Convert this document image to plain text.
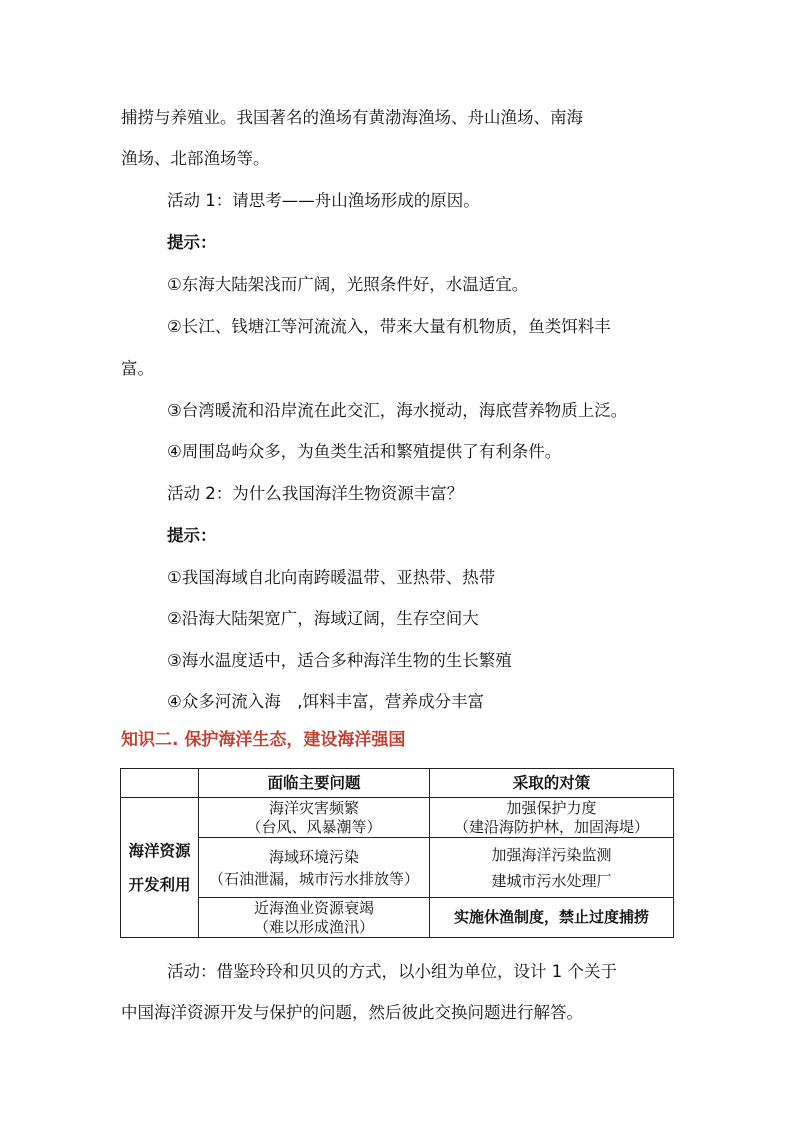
捕捞与养殖业。我国著名的渔场有黄渤海渔场、舟山渔场、南海
渔场、北部渔场等。
活动 1：请思考——舟山渔场形成的原因。
提示：
①东海大陆架浅而广阔，光照条件好，水温适宜。
②长江、钱塘江等河流流入，带来大量有机物质，鱼类饵料丰
富。
③台湾暖流和沿岸流在此交汇，海水搅动，海底营养物质上泛。
④周围岛屿众多，为鱼类生活和繁殖提供了有利条件。
活动 2：为什么我国海洋生物资源丰富？
提示：
①我国海域自北向南跨暖温带、亚热带、热带
②沿海大陆架宽广，海域辽阔，生存空间大
③海水温度适中，适合多种海洋生物的生长繁殖
④众多河流入海　,饵料丰富，营养成分丰富
知识二. 保护海洋生态，建设海洋强国
	面临主要问题	采取的对策

海洋资源
开发利用	海洋灾害频繁
（台风、风暴潮等）	加强保护力度
（建沿海防护林，加固海堤）

	海域环境污染
（石油泄漏，城市污水排放等）	加强海洋污染监测
建城市污水处理厂

	近海渔业资源衰竭
（难以形成渔汛）	实施休渔制度，禁止过度捕捞
活动：借鉴玲玲和贝贝的方式，以小组为单位，设计 1 个关于
中国海洋资源开发与保护的问题，然后彼此交换问题进行解答。
